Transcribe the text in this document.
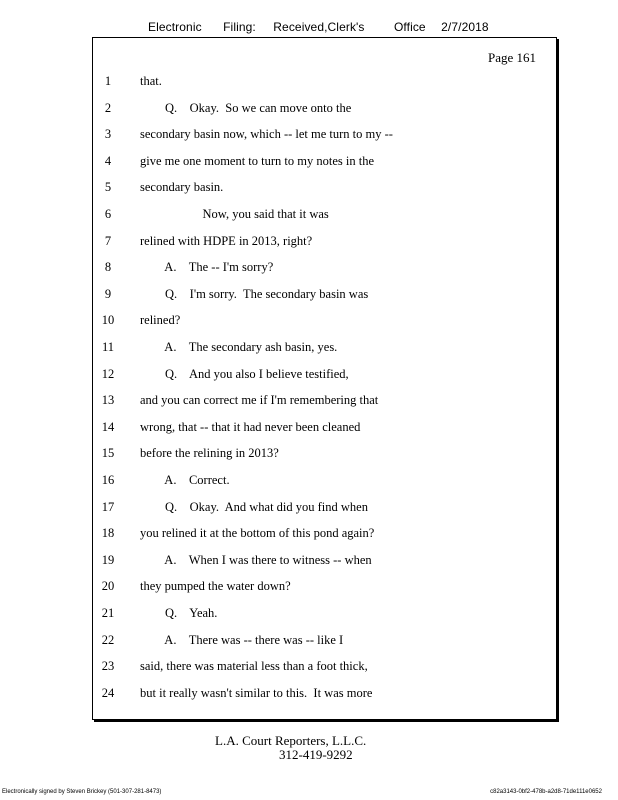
Electronic Filing: Received,Clerk's Office 2/7/2018
Page 161
1	that.
2	Q.    Okay.  So we can move onto the
3	secondary basin now, which -- let me turn to my --
4	give me one moment to turn to my notes in the
5	secondary basin.
6	Now, you said that it was
7	relined with HDPE in 2013, right?
8	A.    The -- I'm sorry?
9	Q.    I'm sorry.  The secondary basin was
10	relined?
11	A.    The secondary ash basin, yes.
12	Q.    And you also I believe testified,
13	and you can correct me if I'm remembering that
14	wrong, that -- that it had never been cleaned
15	before the relining in 2013?
16	A.    Correct.
17	Q.    Okay.  And what did you find when
18	you relined it at the bottom of this pond again?
19	A.    When I was there to witness -- when
20	they pumped the water down?
21	Q.    Yeah.
22	A.    There was -- there was -- like I
23	said, there was material less than a foot thick,
24	but it really wasn't similar to this.  It was more
L.A. Court Reporters, L.L.C.
312-419-9292
Electronically signed by Steven Brickey (501-307-281-8473)	c82a3143-0bf2-478b-a2d8-71de111e0652
